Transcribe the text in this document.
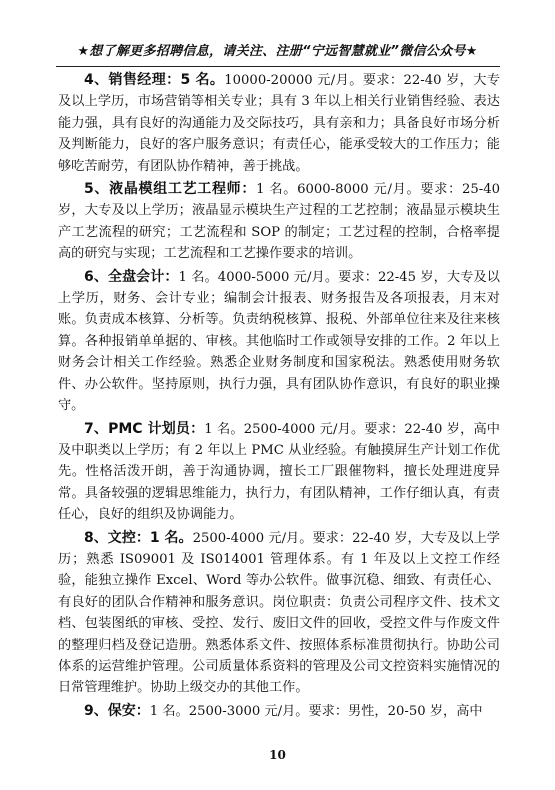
★想了解更多招聘信息，请关注、注册“宁远智慧就业”微信公众号★

4、销售经理：5 名。10000-20000 元/月。要求：22-40 岁，大专及以上学历，市场营销等相关专业；具有 3 年以上相关行业销售经验、表达能力强，具有良好的沟通能力及交际技巧，具有亲和力；具备良好市场分析及判断能力，良好的客户服务意识；有责任心，能承受较大的工作压力；能够吃苦耐劳，有团队协作精神，善于挑战。

5、液晶模组工艺工程师：1 名。6000-8000 元/月。要求：25-40 岁，大专及以上学历；液晶显示模块生产过程的工艺控制；液晶显示模块生产工艺流程的研究；工艺流程和 SOP 的制定；工艺过程的控制，合格率提高的研究与实现；工艺流程和工艺操作要求的培训。

6、全盘会计：1 名。4000-5000 元/月。要求：22-45 岁，大专及以上学历，财务、会计专业；编制会计报表、财务报告及各项报表，月末对账。负责成本核算、分析等。负责纳税核算、报税、外部单位往来及往来核算。各种报销单单据的、审核。其他临时工作或领导安排的工作。2 年以上财务会计相关工作经验。熟悉企业财务制度和国家税法。熟悉使用财务软件、办公软件。坚持原则，执行力强，具有团队协作意识，有良好的职业操守。

7、PMC 计划员：1 名。2500-4000 元/月。要求：22-40 岁，高中及中职类以上学历；有 2 年以上 PMC 从业经验。有触摸屏生产计划工作优先。性格活泼开朗，善于沟通协调，擅长工厂跟催物料，擅长处理进度异常。具备较强的逻辑思维能力，执行力，有团队精神，工作仔细认真，有责任心，良好的组织及协调能力。

8、文控：1 名。2500-4000 元/月。要求：22-40 岁，大专及以上学历；熟悉 IS09001 及 IS014001 管理体系。有 1 年及以上文控工作经验，能独立操作 Excel、Word 等办公软件。做事沉稳、细致、有责任心、有良好的团队合作精神和服务意识。岗位职责：负责公司程序文件、技术文档、包装图纸的审核、受控、发行、废旧文件的回收，受控文件与作废文件的整理归档及登记造册。熟悉体系文件、按照体系标准贯彻执行。协助公司体系的运营维护管理。公司质量体系资料的管理及公司文控资料实施情况的日常管理维护。协助上级交办的其他工作。

9、保安：1 名。2500-3000 元/月。要求：男性，20-50 岁，高中

10
